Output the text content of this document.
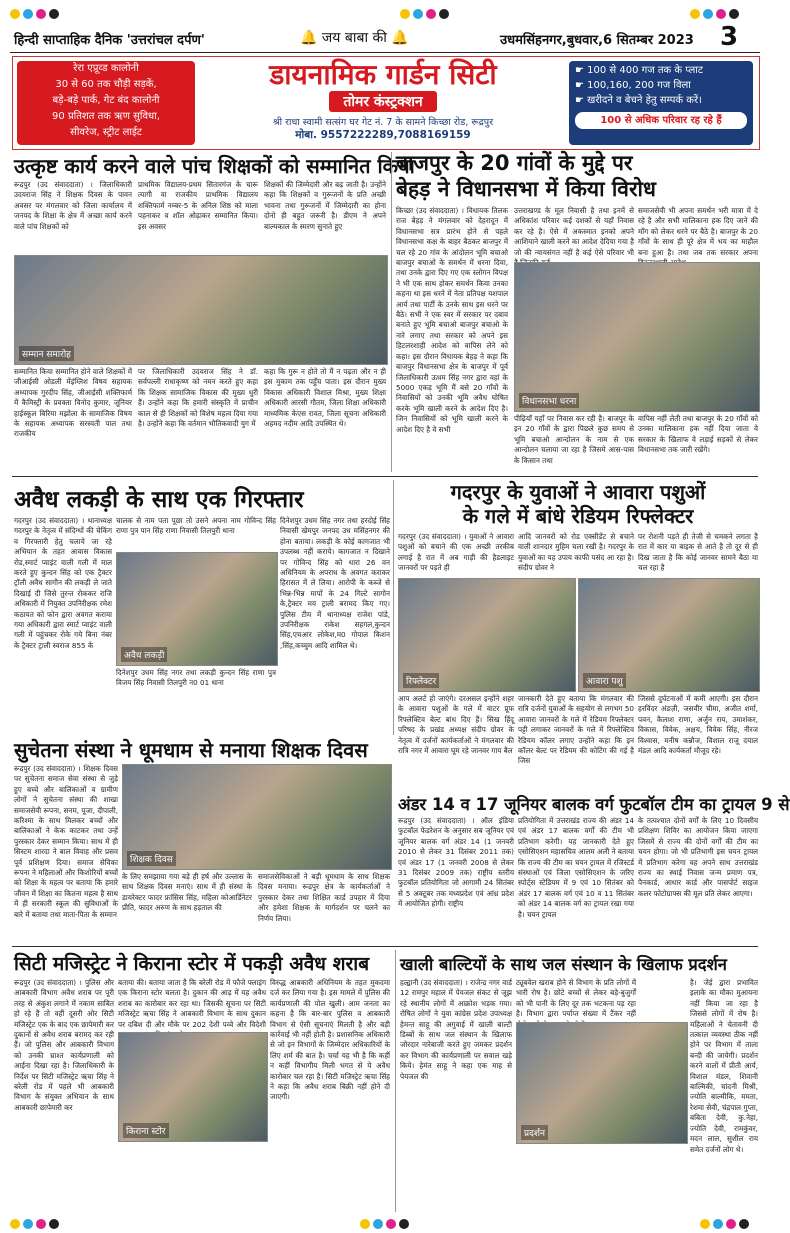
हिन्दी साप्ताहिक दैनिक 'उत्तरांचल दर्पण'	🔔 जय बाबा की 🔔	उधमसिंहनगर,बुधवार,6 सितम्बर 2023 3
रेरा एप्रूव्ड कालोनी
30 से 60 तक चौड़ी सड़कें,
बड़े-बड़े पार्क, गेट बंद कालोनी
90 प्रतिशत तक ऋण सुविधा,
सीवरेज, स्ट्रीट लाईट
डायनामिक गार्डन सिटी
तोमर कंस्ट्रक्शन
श्री राधा स्वामी सत्संग घर गेट नं. 7 के सामने किच्छा रोड, रूद्रपुर
मोबा. 9557222289,7088169159
☛ 100 से 400 गज तक के प्लाट
☛ 100,160, 200 गज विला
☛ खरीदने व बेचने हेतु सम्पर्क करें।
100 से अधिक परिवार रह रहे हैं
उत्कृष्ट कार्य करने वाले पांच शिक्षकों को सम्मानित किया
रूद्रपुर (उद संवाददाता) । जिलाधिकारी उदयराज सिंह ने शिक्षक दिवस के पावन अवसर पर मंगलवार को जिला कार्यालय में जनपद के शिक्षा के क्षेत्र में अच्छा कार्य करने वाले पांच शिक्षकों को
प्राथमिक विद्यालय-प्रथम सितारगंज के चारू त्यागी वा राजकीय प्राथमिक विद्यालय शक्तिफार्म नम्बर-5 के अनिल शिष्ठ को माला पहनाकर व शॉल ओढ़ाकर सम्मानित किया। इस अवसर
शिक्षकों की जिम्मेदारी और बढ़ जाती है। उन्होंने कहा कि शिक्षकों व गुरूजनों के प्रति अच्छी भावना तथा गुरूजनों में जिम्मेदारी का होना दोनो ही बहुत जरूरी है। डीएम ने अपने बाल्यकाल के स्मरण सुनाते हुए
सम्मान समारोह
सम्मानित किया सम्मानित होने वाले शिक्षकों में जीआईसी ओडली मेंइंग्लिश विषय सहायक अध्यापक गुरदीप सिंह, जीआईसी शक्तिफार्म में कैमिस्ट्री के प्रवक्ता विनोद कुमार, जूनियर हाईस्कूल बिरिया मझोला के सामाजिक विषय के सहायक अध्यापक सरस्वती पाल तथा राजकीय
पर जिलाधिकारी उदयराज सिंह ने डॉ. सर्वपल्ली राधाकृष्ण को नमन करते हुए कहा कि शिक्षक सामाजिक विकास की मुख्य धुरी हैं। उन्होंने कहा कि हमारी संस्कृति में प्राचीन काल से ही शिक्षकों को विशेष महत्व दिया गया है। उन्होंने कहा कि वर्तमान भौतिकवादी युग में
कहा कि गुरू न होते तो मैं न पढ़ता और न ही इस मुकाम तक पहुँच पाता। इस दौरान मुख्य विकास अधिकारी विशाल मिश्रा, मुख्य शिक्षा अधिकारी आरसी गौतम, जिला शिक्षा अधिकारी माध्यमिक केएस रावत, जिला सूचना अधिकारी अहमद नदीम आदि उपस्थित थे।
बाजपुर के 20 गांवों के मुद्दे पर
बेहड़ ने विधानसभा में किया विरोध
किच्छा (उद संवाददाता) । विधायक तिलक राज बेहड़ ने मंगलवार को देहरादून में विधानसभा सत्र प्रारंभ होने से पहले विधानसभा कक्ष के बाहर बैठकर बाजपुर में चल रहे 20 गांव के आंदोलन भूमि बचाओ बाजपुर बचाओ के समर्थन में धरना दिया, तथा उनके द्वारा दिए गए एक स्लोगन विपक्ष ने भी एक साथ होकर समर्थन किया उनका कहना था इस धरने में नेता प्रतिपक्ष यशपाल आर्य तथा पार्टी के उनके साथ इस धरने पर बैठे। सभी ने एक स्वर में सरकार पर दबाव बनाते हुए भूमि बचाओ बाजपुर बचाओ के नारे लगाए तथा सरकार को अपने इस हिटलरशाही आदेश को वापिस लेने को कहा। इस दौरान विधायक बेहड़ ने कहा कि बाजपुर विधानसभा क्षेत्र के बाजपुर में पूर्व जिलाधिकारी ऊधम सिंह नगर द्वारा वहां के 5000 एकड़ भूमि मैं बसे 20 गाँवों के निवासियों को उनकी भूमि अवैध घोषित करके भूमि खाली करने के आदेश दिए है। जिन निवासियों को भूमि खाली करने के आदेश दिए है वे सभी
उत्तराखण्ड के मूल निवासी है तथा इनमें से अधिकांश परिवार कई दशकों से यहाँ निवास कर रहे है। ऐसे में अकस्मात इनको अपने आशियाने खाली करने का आदेश देदिया गया है जो की न्यायसंगत नहीं है कई ऐसे परिवार भी
समाजसेवी भी अपना समर्थन भरी मात्रा में दे रहे है और सभी मालिकाना हक दिए जाने की माँग को लेकर धरने पर बैठे है। बाजपुर के 20 गाँवों के साथ ही पूरे क्षेत्र में भय का माहौल बना हुआ है। तथा जब तक सरकार अपना
विधानसभा धरना
पीढ़ियाँ यहाँ पर निवास कर रही है। बाजपुर के इन 20 गाँवों के द्वारा पिछले कुछ समय से भूमि बचाओ आन्दोलन के नाम से एक आन्दोलन चलाया जा रहा है जिसमे आस-पास के किसान तथा
वापिस नहीं लेती तथा बाजपुर के 20 गाँवों को उनका मालिकाना हक नहीं दिया जाता वे सरकार के खिलाफ वे लड़ाई सड़कों से लेकर विधानसभा तक जारी रखेंगे।
अवैध लकड़ी के साथ एक गिरफ्तार
गदरपुर (उद संवाददाता) । थानाध्यक्ष गदरपुर के नेतृत्व में संदिग्धों की चेकिंग व गिरफ्तारी हेतु चलाये जा रहे अभियान के तहत आवास विकास रोड,स्मार्ट प्वाइंट वाली गली में माल करते हुए कुन्दन सिंह को एक ट्रैक्टर ट्रॉली अवैध सागौन की लकड़ी ले जाते दिखाई दी जिसे तुरन्त रोककर राजि अधिकारी में नियुक्त उपनिरीक्षक रमेश कठायत को फोन द्वारा अवगत कराया गया अधिकारी द्वारा स्मार्ट प्वाइंट वाली गली में पहुंचकर रोके गये बिना नंबर के ट्रैक्टर ट्राली स्वराज 855 के
चालक से नाम पता पूछा तो उसने अपना नाम गोविन्द सिंह राणा पुत्र पान सिंह राणा निवासी तिलपुरी थाना
अवैध लकड़ी
दिनेशपुर उधम सिंह नगर तथा लकड़ी कुन्दन सिंह राणा पुत्र विजय सिंह निवासी तिलपुरी न0 01 थाना
दिनेशपुर उधम सिंह नगर तथा हरदोई सिंह निवासी खेमपुर जनपद उध मसिंहनगर की होना बताया। लकड़ी के कोई कागजात भी उपलब्ध नहीं कराये। कागजात न दिखाने पर गोविन्द सिंह को धारा 26 वन अधिनियम के अपराध के अवगत कराकर हिरासत में ले लिया। आरोपी के कब्जे से भिन्न-भिन्न मापों के 24 गिल्टे सागोन के,ट्रैक्टर मय ट्राली बरामद किए गए। पुलिस टीम में थानाध्यक्ष राजेश पांडे, उपनिरीक्षक राकेश सहगल,कुन्दन सिंह,एचआर लोकेश,म0 गोपाल किशन ,सिंह,कच्चुम आदि शामिल थे।
गदरपुर के युवाओं ने आवारा पशुओं
के गले में बांधे रेडियम रिफ्लेक्टर
गदरपुर (उद संवाददाता) । युवाओं ने आवारा पशुओं को बचाने की एक अच्छी तरकीब लगाई है रात में अब गाड़ी की हैडलाइट जानवरों पर पड़ते ही
आदि जानवरों को रोड एक्सीडेंट से बचाने वाली शानदार मुहिम चला रखी है। गदरपुर के युवाओं का यह उपाय काफी पसंद आ रहा है। संदीप ग्रोवर ने
पर रोशनी पड़ते ही तेजी से चमकने लगता है रात में कार या बाइक से आते है तो दूर से ही दिख जाता है कि कोई जानवर सामने बैठा या चल रहा है
रिफ्लेक्टर	आवारा पशु
आप अलर्ट हो जाएंगे। दरअसल इन्होंने शहर के आवारा पशुओं के गले में वाटर प्रूफ रिफ्लेक्टिव बेल्ट बांध दिए हैं। सिख हिंदू परिषद के प्रखंड अध्यक्ष संदीप ग्रोवर के नेतृत्व में दर्जनों कार्यकर्ताओं ने मंगलवार की रात्रि नगर में आवारा घूम रहे जानवर गाय बैल
जानकारी देते हुए बताया कि मंगलवार की रात्रि दर्जनों युवाओं के सहयोग से लगभग 50 आवारा जानवरों के गले में रेडियम रिफ्लेक्टर पट्टी लगाकर जानवरों के गले में रिफ्लेक्टिव रेडियम कॉलर लगाए उन्होंने कहा कि इन कॉलर बेल्ट पर रेडियम की कोटिंग की गई है जिस
जिससे दुर्घटनाओं में कमी आएगी। इस दौरान हरविंदर अंडज़ी, जसवीर चीमा, अजीत शर्मा, पवन, कैलाश राणा, अर्जुन राय, उमाशंकर, विकास, विवेक, अक्षय, विवेक सिंह, नीरज विश्वास, मनीष कन्नौज, विशाल राजू दयाल मंडल आदि कार्यकर्ता मौजूद रहे।
सुचेतना संस्था ने धूमधाम से मनाया शिक्षक दिवस
रूद्रपुर (उद संवाददाता) । शिक्षक दिवस पर सुचेतना समाज सेवा संस्था से जुड़े हुए बच्चे और बालिकाओं व ग्रामीण लोगों ने सुचेतना संस्था की शाखा समाजसेवी रूपना, सनम, पूजा, दीपाली, करिश्मा के साथ मिलकर बच्चों और बालिकाओं ने केक काटकर तथा उन्हें पुरस्कार देकर सम्मान किया। साथ में ही सिस्टम शारदा ने बाल विवाह और प्रसव पूर्व प्रशिक्षण दिया। समाज सेविका रूपना ने महिलाओं और किशोरियों बच्चों को शिक्षा के महत्व पर बताया कि हमारे जीवन में शिक्षा का कितना महत्व है साथ में ही सरकारी स्कूल की सुविधाओं के बारे में बताया तथा माता-पिता के सम्मान
शिक्षक दिवस
के लिए समझाया गया बड़े ही हर्ष और उल्लास के साथ शिक्षक दिवस मनाएं। साथ में ही संस्था के डायरेक्टर फादर फ्रांसिस सिंह, महिला कोआर्डिनेटर प्रीति, फादर अरुण के साथ हड़ताल की
समाजसेविकाओं ने बड़ी धूमधाम के साथ शिक्षक दिवस मनाया। रूद्रपुर क्षेत्र के कार्यकर्ताओं ने पुरस्कार देकर तथा शिक्षित कार्ड उपहार में दिया और हमेशा शिक्षक के मार्गदर्शन पर चलने का निर्णय लिया।
अंडर 14 व 17 जूनियर बालक वर्ग फुटबॉल टीम का ट्रायल 9 से
रूद्रपुर (उद संवाददाता) । ऑल इंडिया फुटबॉल फेडरेशन के अनुसार सब जूनियर एवं जूनियर बालक वर्ग अंडर 14 (1 जनवरी 2010 से लेकर 31 दिसंबर 2011 तक) एवं अंडर 17 (1 जनवरी 2008 से लेकर 31 दिसंबर 2009 तक) राष्ट्रीय स्तरीय फुटबॉल प्रतियोगिता जो आगामी 24 सितंबर से 5 अक्टूबर तक मध्यप्रदेश एवं आंध्र प्रदेश में आयोजित होगी। राष्ट्रीय
प्रतियोगिता में उत्तराखंड राज्य की अंडर 14 एवं अंडर 17 बालक वर्गों की टीम भी प्रतिभाग करेगी। यह जानकारी देते हुए एसोसिएशन महासचिव आलम अली ने बताया कि राज्य की टीम का चयन ट्रायल में रजिस्टर्ड संस्थाओं एवं जिला एसोसिएशन के जरिए स्पोर्ट्स स्टेडियम में 9 एवं 10 सितंबर को अंडर 17 बालक वर्ग एवं 10 व 11 सितंबर को अंडर 14 बालक वर्ग का ट्रायल रखा गया है। चयन ट्रायल
के तत्पश्चात दोनों वर्गों के लिए 10 दिवसीय प्रशिक्षण शिविर का आयोजन किया जाएगा जिसमें से राज्य की दोनों वर्गों की टीम का चयन होगा। जो भी प्रतिभागी इस चयन ट्रायल में प्रतिभाग करेगा वह अपने साथ उत्तराखंड राज्य का स्थाई निवास जन्म प्रमाण पत्र, पैनकार्ड, आधार कार्ड और पासपोर्ट साइज कलर फोटोग्राफ्स की मूल प्रति लेकर आएगा।
सिटी मजिस्ट्रेट ने किराना स्टोर में पकड़ी अवैध शराब
रूद्रपुर (उद संवाददाता) । पुलिस और आबकारी विभाग अवैध शराब पर पूरी तरह से अंकुश लगाने में नकाम साबित हो रहे हैं तो वहीं दूसरी ओर सिटी मजिस्ट्रेट एक के बाद एक छापेमारी कर दुकानों से अवैध शराब बरामद कर रही हैं। जो पुलिस और आबकारी विभाग को उनकी घ्राश्त कार्यप्रणाली को आईना दिखा रहा है। जिलाधिकारी के निर्देश पर सिटी मजिस्ट्रेट ऋचा सिंह ने बरेली रोड में पहले भी आबकारी विभाग के संयुक्त अभियान के साथ आबकारी छापेमारी कर
बताया की। बताया जाता है कि बरेली रोड में फौजे फ्लाइंग एक किराना स्टोर चलता है। दुकान की आड़ में यह अवैध शराब का कारोबार कर रहा था। जिसकी सूचना पर सिटी मजिस्ट्रेट ऋचा सिंह ने आबकारी विभाग के साथ दुकान पर दबिश दी और मौके पर 202 देशी पव्वे और विदेशी
किराना स्टोर
विरुद्ध आबकारी अधिनियम के तहत मुकदमा दर्ज कर लिया गया है। इस मामले में पुलिस की कार्यप्रणाली की पोल खुली। आम जनता का कहना है कि बार-बार पुलिस व आबकारी विभाग से ऐसी सूचनाएं मिलती है और बड़ी कार्रवाई भी नहीं होती है। प्रशासनिक अधिकारी से जो इन विभागों के जिम्मेदार अधिकारियों के लिए शर्म की बात है। चर्चा यह भी है कि कहीं न कहीं विभागीय मिली भगत से ये अवैध कारोबार चल रहा है। सिटी मजिस्ट्रेट ऋचा सिंह ने कहा कि अवैध शराब बिक्री नहीं होने दी जाएगी।
खाली बाल्टियों के साथ जल संस्थान के खिलाफ प्रदर्शन
हल्द्वानी (उद संवाददाता) । राजेन्द्र नगर वार्ड 12 रामपुर महाल में पेयजल संकट से जूझ रहे स्थानीय लोगों में आक्रोश भड़क गया। रोषित लोगों ने युवा कांग्रेस प्रदेश उपाध्यक्ष हेमन्त साहू की अगुवाई में खाली बाल्टी डिब्बों के साथ जल संस्थान के खिलाफ जोरदार नारेबाजी करते हुए जमकर प्रदर्शन कर विभाग की कार्यप्रणाली पर सवाल खड़े किये। हेमंत साहू ने कहा एक माह से पेयजल की
ट्यूबवेल खराब होने से विभाग के प्रति लोगों में भारी रोष है। छोटे बच्चों से लेकर बड़े-बुजुर्गों को भी पानी के लिए दूर तक भटकना पड़ रहा है। विभाग द्वारा पर्याप्त संख्या में टैंकर नहीं
प्रदर्शन
है। जेई द्वारा प्रभावित इलाके का मौका मुआयना नहीं किया जा रहा है जिससे लोगों में रोष है। महिलाओं ने चेतावनी दी तत्काल व्यवस्था ठीक नहीं होने पर विभाग में ताला बन्दी की जायेगी। प्रदर्शन करने वालों में प्रीती आर्य, विशाल मंडल, शिवानी बाल्मिकी, चांदनी मिश्री, ज्योति बाल्मीकि, ममता, रेशमा सेवी, चंद्रपाल गुप्ता, बबिता देवी, कु.नेहा, ज्योति देवी, रामकुंवर, मदन लाल, सुशील राय समेत दर्जनों लोग थे।
